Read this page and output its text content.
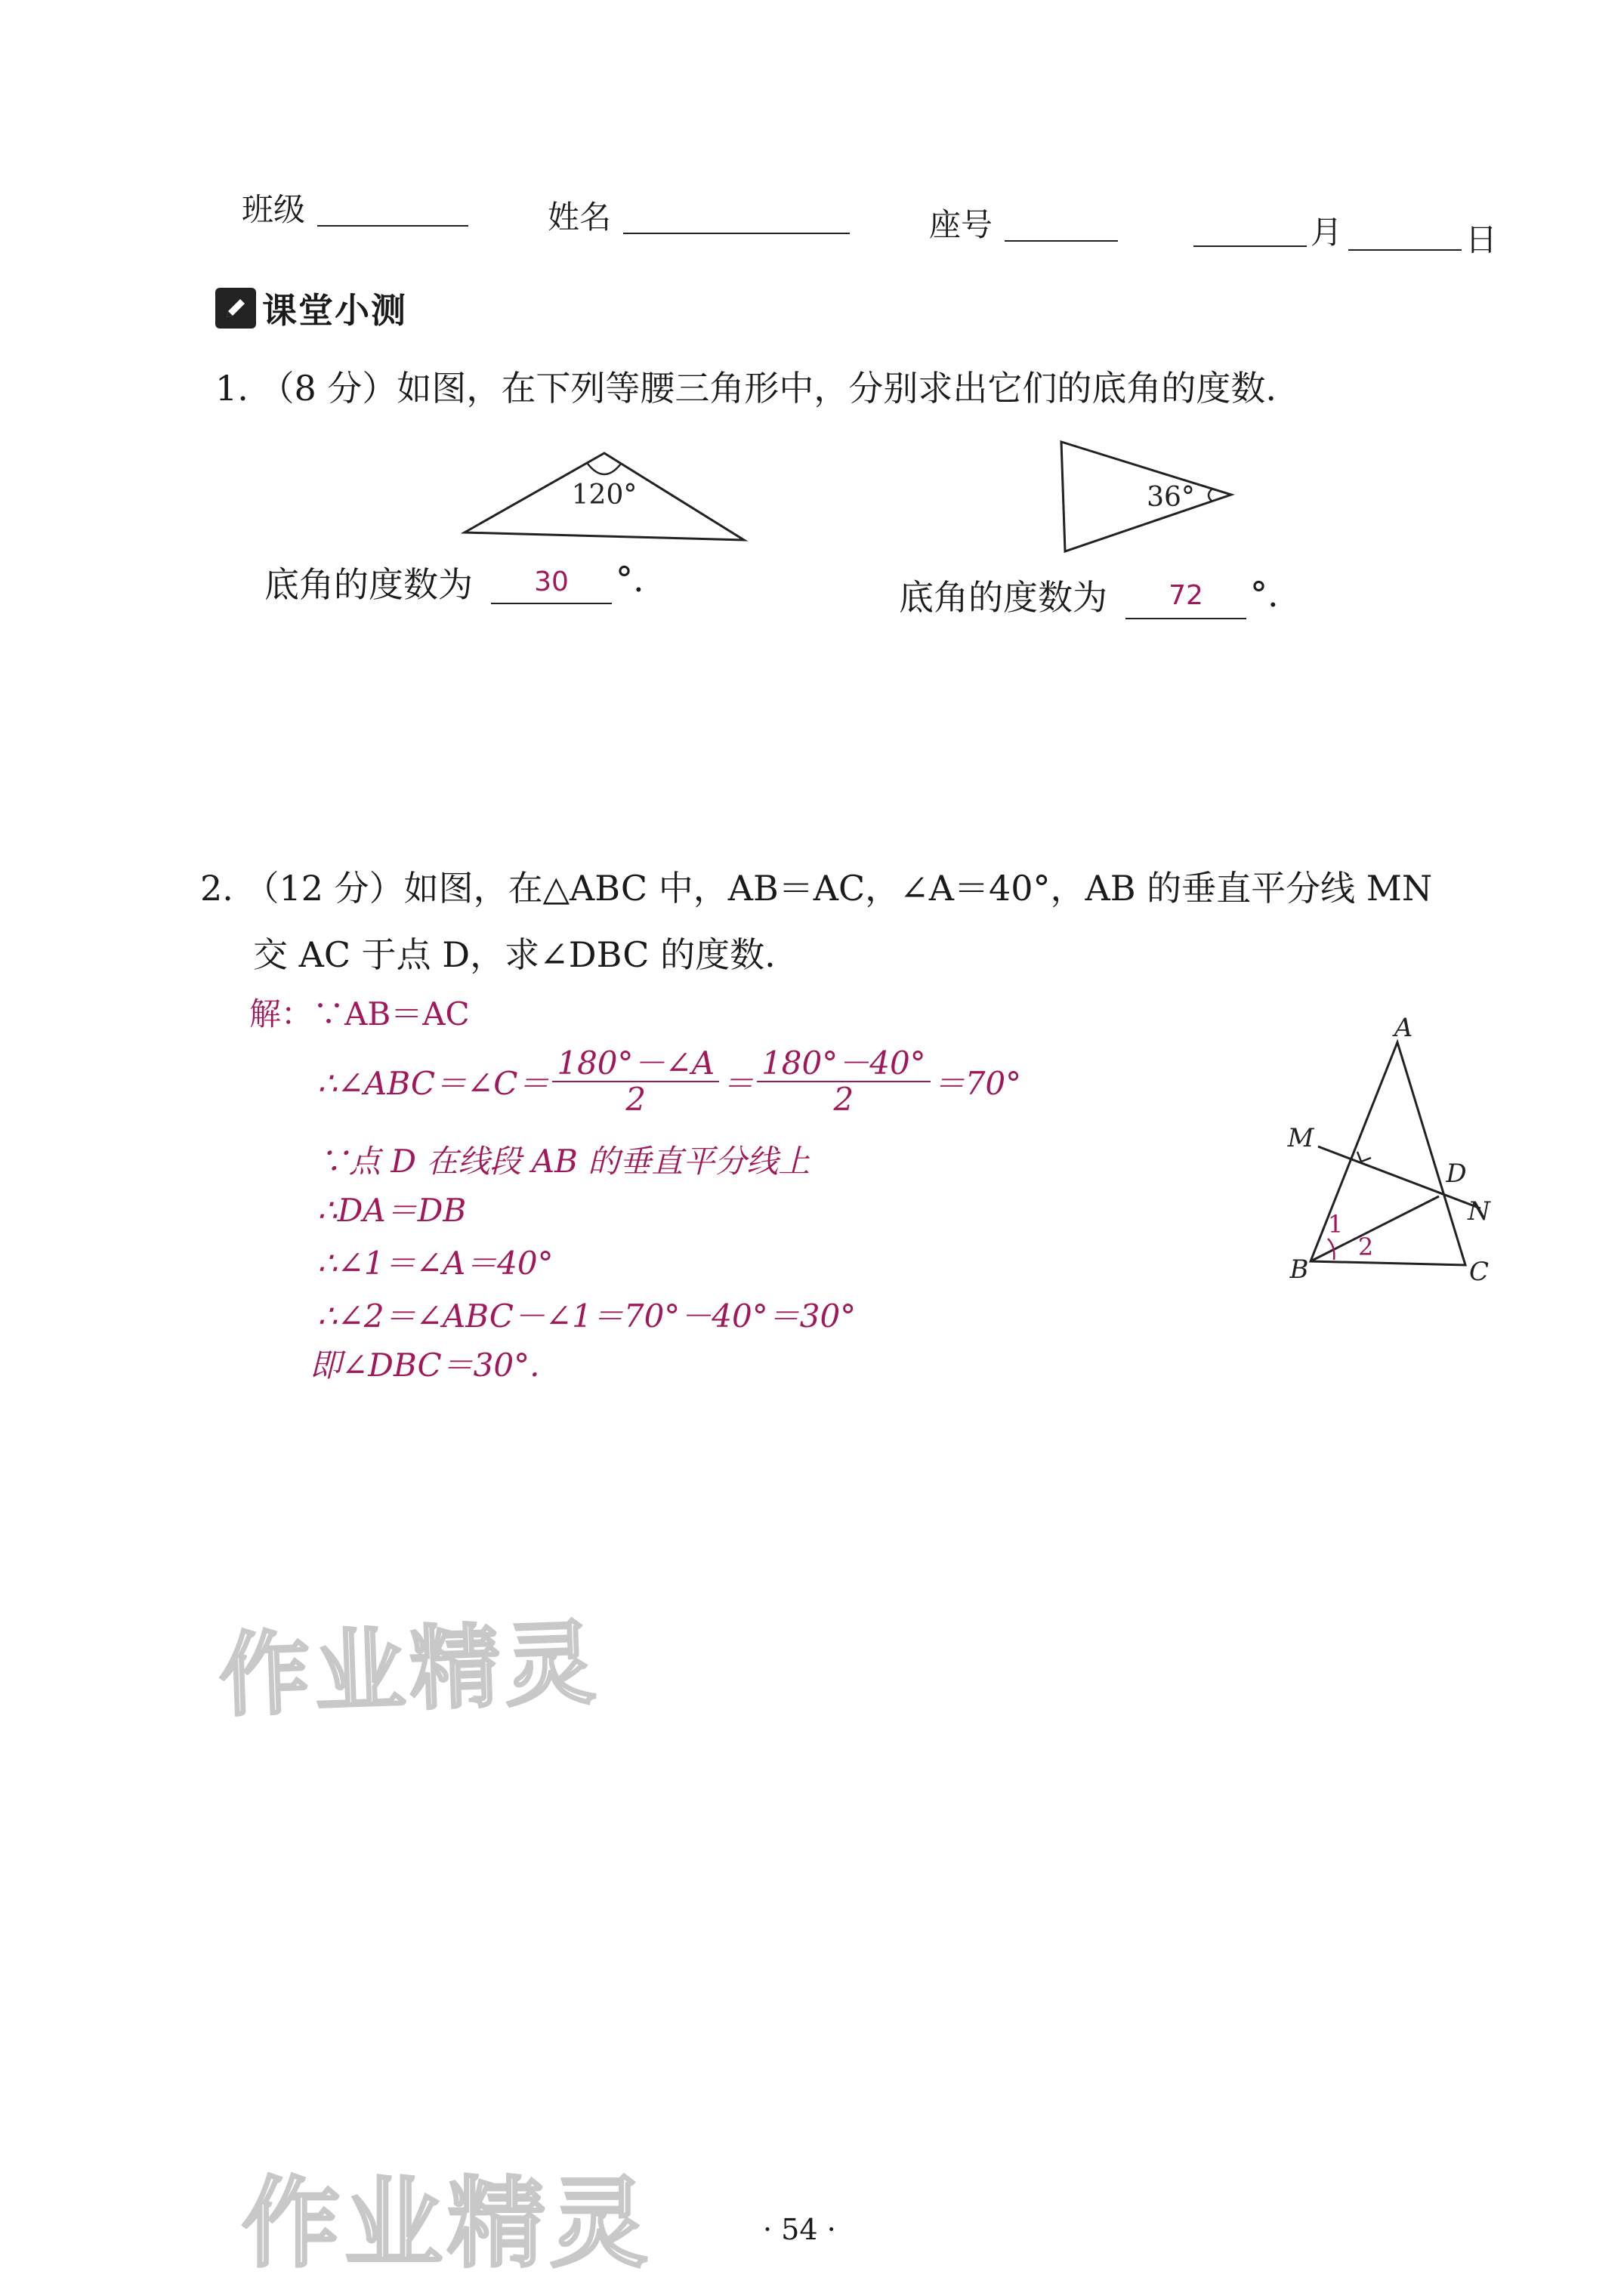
班级	姓名	座号	月	日
课堂小测
1. （8 分）如图，在下列等腰三角形中，分别求出它们的底角的度数.
120°	36°
底角的度数为	30	°.	底角的度数为	72	°.
2. （12 分）如图，在△ABC 中，AB＝AC，∠A＝40°，AB 的垂直平分线 MN
交 AC 于点 D，求∠DBC 的度数.
解：∵AB＝AC
∴∠ABC＝∠C＝ $\frac{180^\circ-\angle A}{2} = \frac{180^\circ-40^\circ}{2} =70^\circ$
∵点 D 在线段 AB 的垂直平分线上
∴DA＝DB
∴∠1＝∠A＝40°
∴∠2＝∠ABC－∠1＝70°－40°＝30°
即∠DBC＝30°.
A
B	C
D
M
N
1
2
作业精灵
作业精灵	· 54 ·
